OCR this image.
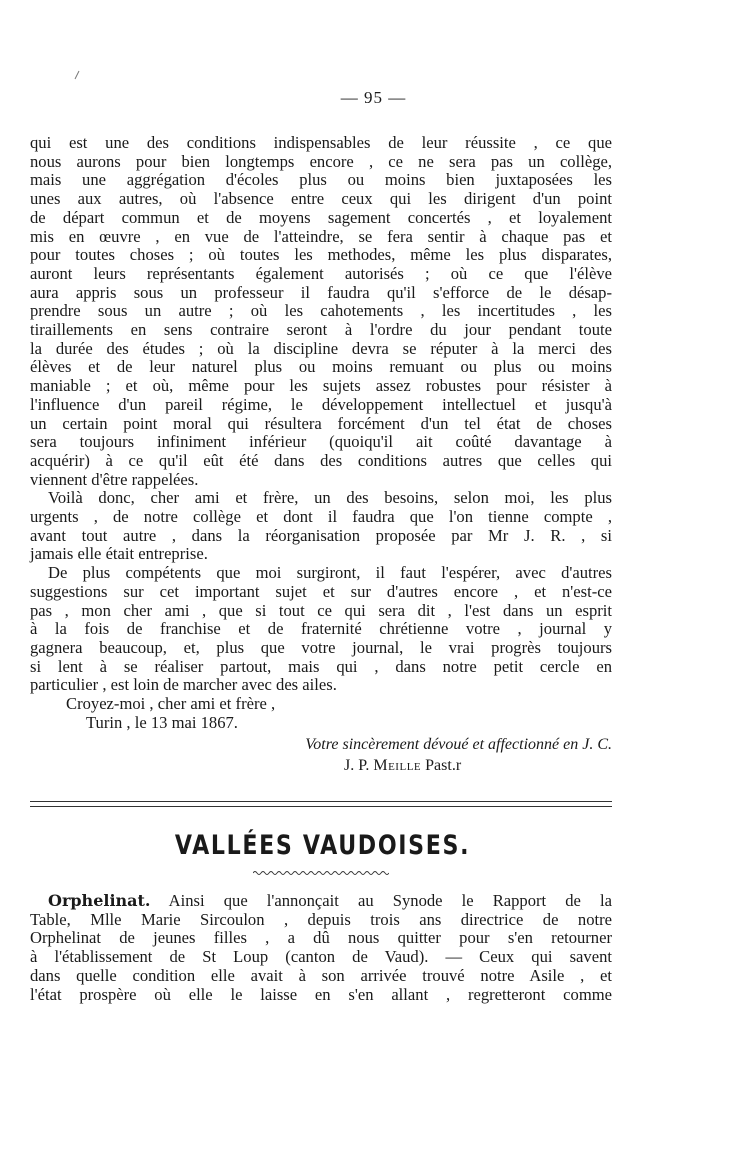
— 95 —
qui est une des conditions indispensables de leur réussite , ce que
nous aurons pour bien longtemps encore , ce ne sera pas un collège,
mais une aggrégation d'écoles plus ou moins bien juxtaposées les
unes aux autres, où l'absence entre ceux qui les dirigent d'un point
de départ commun et de moyens sagement concertés , et loyalement
mis en œuvre , en vue de l'atteindre, se fera sentir à chaque pas et
pour toutes choses ; où toutes les methodes, même les plus disparates,
auront leurs représentants également autorisés ; où ce que l'élève
aura appris sous un professeur il faudra qu'il s'efforce de le désap-
prendre sous un autre ; où les cahotements , les incertitudes , les
tiraillements en sens contraire seront à l'ordre du jour pendant toute
la durée des études ; où la discipline devra se réputer à la merci des
élèves et de leur naturel plus ou moins remuant ou plus ou moins
maniable ; et où, même pour les sujets assez robustes pour résister à
l'influence d'un pareil régime, le développement intellectuel et jusqu'à
un certain point moral qui résultera forcément d'un tel état de choses
sera toujours infiniment inférieur (quoiqu'il ait coûté davantage à
acquérir) à ce qu'il eût été dans des conditions autres que celles qui
viennent d'être rappelées.
Voilà donc, cher ami et frère, un des besoins, selon moi, les plus
urgents , de notre collège et dont il faudra que l'on tienne compte ,
avant tout autre , dans la réorganisation proposée par Mr J. R. , si
jamais elle était entreprise.
De plus compétents que moi surgiront, il faut l'espérer, avec d'autres
suggestions sur cet important sujet et sur d'autres encore , et n'est-ce
pas , mon cher ami , que si tout ce qui sera dit , l'est dans un esprit
à la fois de franchise et de fraternité chrétienne votre , journal y
gagnera beaucoup, et, plus que votre journal, le vrai progrès toujours
si lent à se réaliser partout, mais qui , dans notre petit cercle en
particulier , est loin de marcher avec des ailes.
Croyez-moi , cher ami et frère ,
Turin , le 13 mai 1867.
Votre sincèrement dévoué et affectionné en J. C.
J. P. Meille Past.r
VALLÉES VAUDOISES.
Orphelinat. Ainsi que l'annonçait au Synode le Rapport de la
Table, Mlle Marie Sircoulon , depuis trois ans directrice de notre
Orphelinat de jeunes filles , a dû nous quitter pour s'en retourner
à l'établissement de St Loup (canton de Vaud). — Ceux qui savent
dans quelle condition elle avait à son arrivée trouvé notre Asile , et
l'état prospère où elle le laisse en s'en allant , regretteront comme
